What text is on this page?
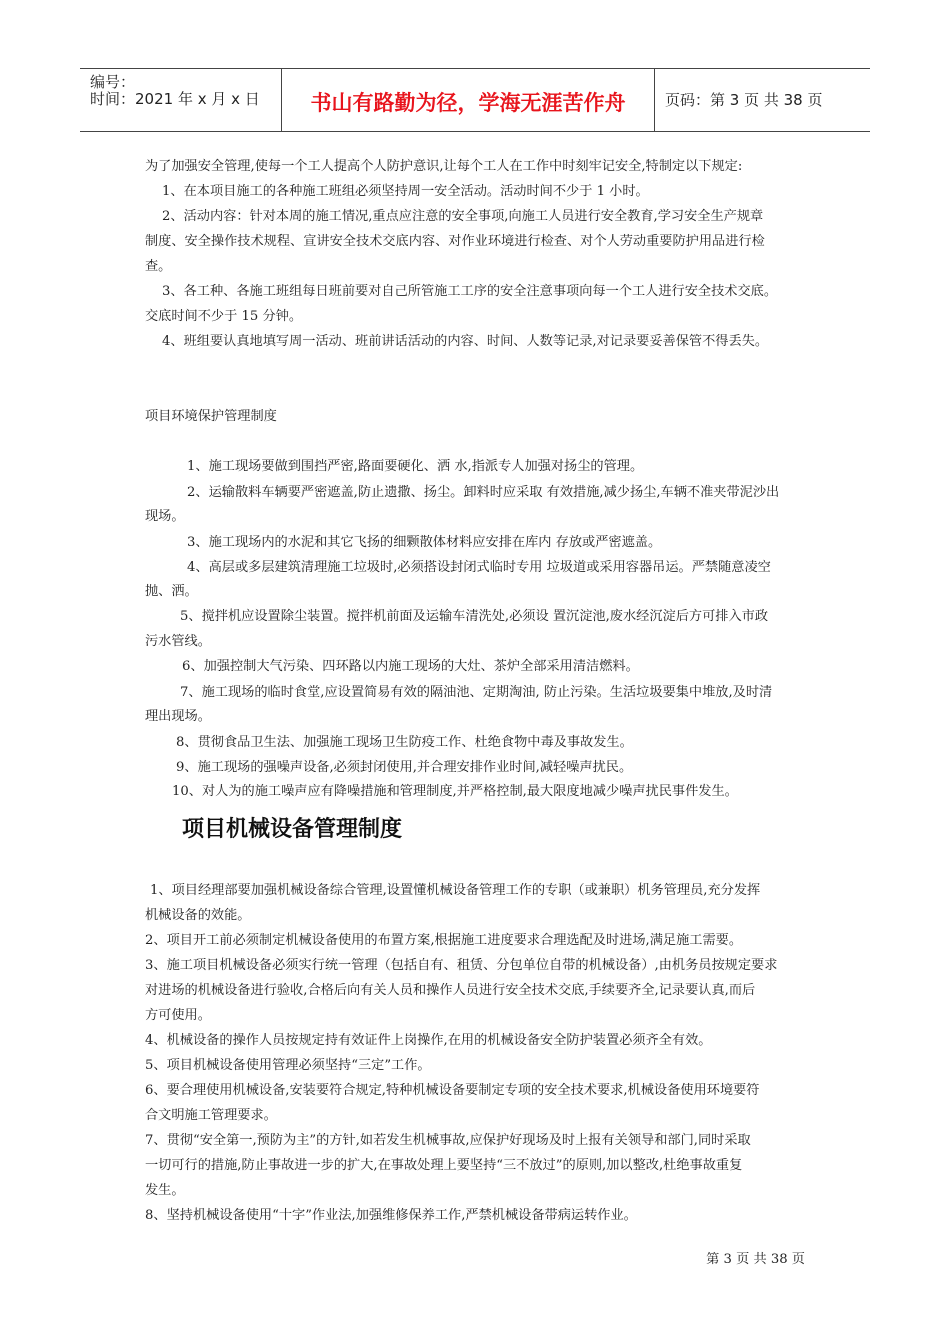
编号：
时间：2021 年 x 月 x 日	书山有路勤为径，学海无涯苦作舟	页码：第 3 页 共 38 页

为了加强安全管理,使每一个工人提高个人防护意识,让每个工人在工作中时刻牢记安全,特制定以下规定:

1、在本项目施工的各种施工班组必须坚持周一安全活动。活动时间不少于 1 小时。

2、活动内容：针对本周的施工情况,重点应注意的安全事项,向施工人员进行安全教育,学习安全生产规章

制度、安全操作技术规程、宣讲安全技术交底内容、对作业环境进行检查、对个人劳动重要防护用品进行检

查。

3、各工种、各施工班组每日班前要对自己所管施工工序的安全注意事项向每一个工人进行安全技术交底。

交底时间不少于 15 分钟。

4、班组要认真地填写周一活动、班前讲话活动的内容、时间、人数等记录,对记录要妥善保管不得丢失。

项目环境保护管理制度

1、施工现场要做到围挡严密,路面要硬化、洒 水,指派专人加强对扬尘的管理。

2、运输散料车辆要严密遮盖,防止遗撒、扬尘。卸料时应采取 有效措施,减少扬尘,车辆不准夹带泥沙出

现场。

3、施工现场内的水泥和其它飞扬的细颗散体材料应安排在库内 存放或严密遮盖。

4、高层或多层建筑清理施工垃圾时,必须搭设封闭式临时专用 垃圾道或采用容器吊运。严禁随意凌空

抛、洒。

5、搅拌机应设置除尘装置。搅拌机前面及运输车清洗处,必须设 置沉淀池,废水经沉淀后方可排入市政

污水管线。

6、加强控制大气污染、四环路以内施工现场的大灶、茶炉全部采用清洁燃料。

7、施工现场的临时食堂,应设置简易有效的隔油池、定期淘油, 防止污染。生活垃圾要集中堆放,及时清

理出现场。

8、贯彻食品卫生法、加强施工现场卫生防疫工作、杜绝食物中毒及事故发生。

9、施工现场的强噪声设备,必须封闭使用,并合理安排作业时间,减轻噪声扰民。

10、对人为的施工噪声应有降噪措施和管理制度,并严格控制,最大限度地减少噪声扰民事件发生。

项目机械设备管理制度

1、项目经理部要加强机械设备综合管理,设置懂机械设备管理工作的专职（或兼职）机务管理员,充分发挥

机械设备的效能。

2、项目开工前必须制定机械设备使用的布置方案,根据施工进度要求合理选配及时进场,满足施工需要。

3、施工项目机械设备必须实行统一管理（包括自有、租赁、分包单位自带的机械设备）,由机务员按规定要求

对进场的机械设备进行验收,合格后向有关人员和操作人员进行安全技术交底,手续要齐全,记录要认真,而后

方可使用。

4、机械设备的操作人员按规定持有效证件上岗操作,在用的机械设备安全防护装置必须齐全有效。

5、项目机械设备使用管理必须坚持“三定”工作。

6、要合理使用机械设备,安装要符合规定,特种机械设备要制定专项的安全技术要求,机械设备使用环境要符

合文明施工管理要求。

7、贯彻“安全第一,预防为主”的方针,如若发生机械事故,应保护好现场及时上报有关领导和部门,同时采取

一切可行的措施,防止事故进一步的扩大,在事故处理上要坚持“三不放过”的原则,加以整改,杜绝事故重复

发生。

8、坚持机械设备使用“十字”作业法,加强维修保养工作,严禁机械设备带病运转作业。

第 3 页 共 38 页
